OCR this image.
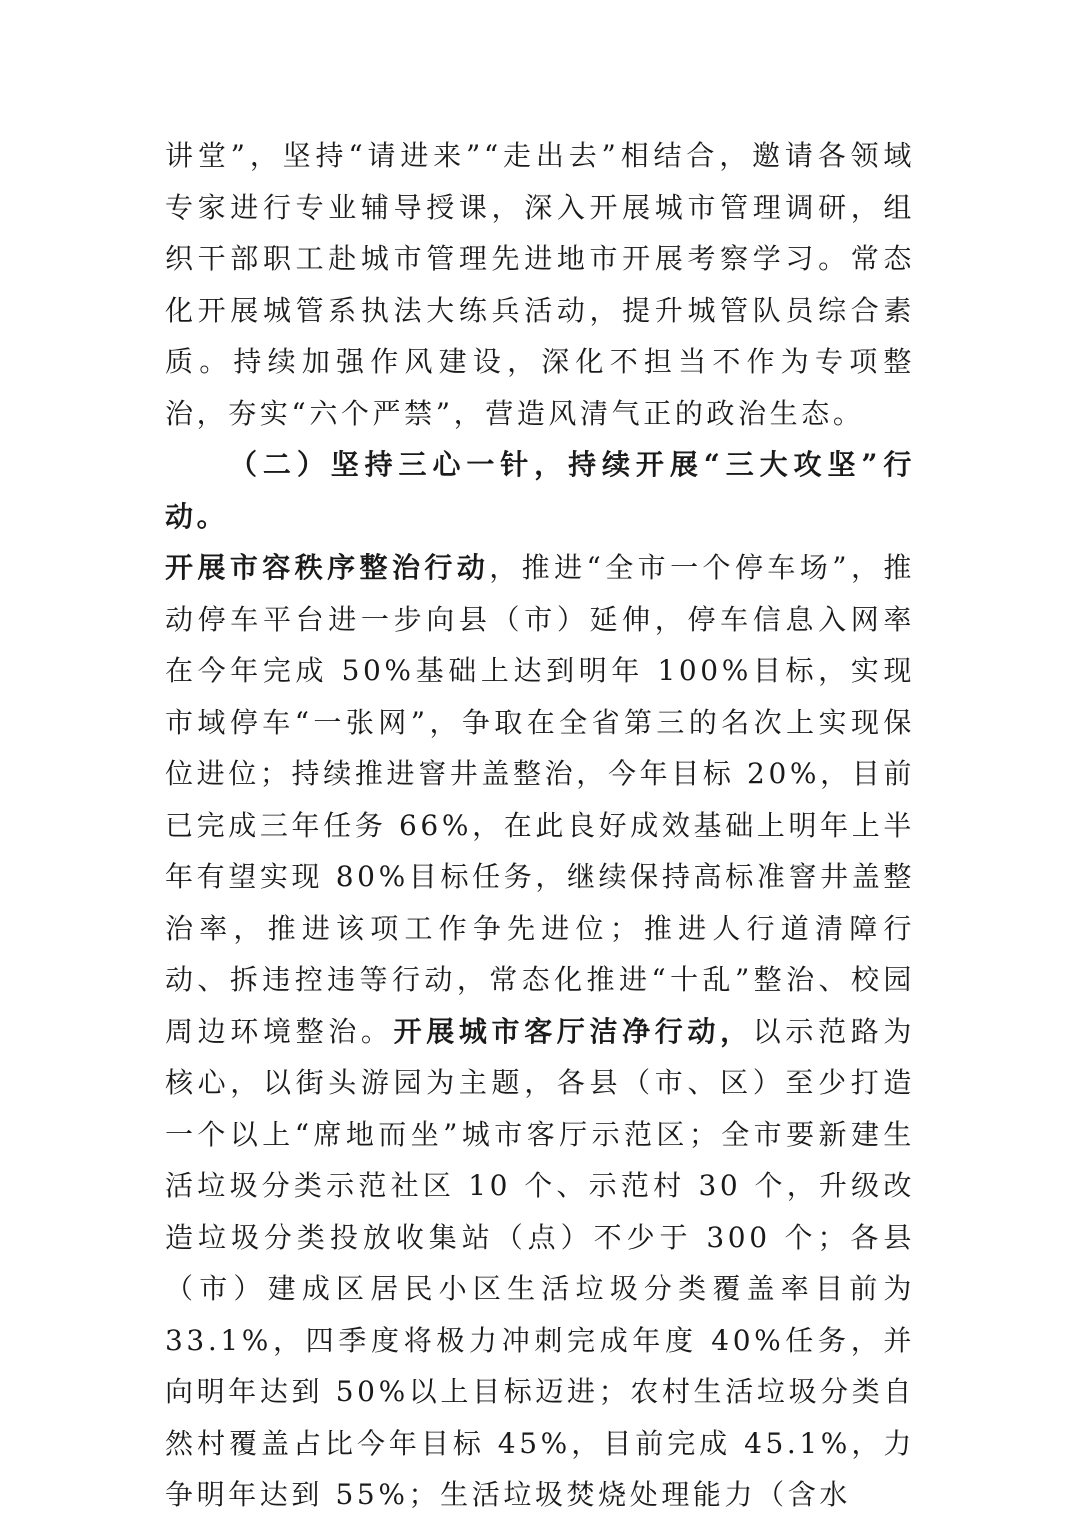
讲堂”，坚持“请进来”“走出去”相结合，邀请各领域专家进行专业辅导授课，深入开展城市管理调研，组织干部职工赴城市管理先进地市开展考察学习。常态化开展城管系执法大练兵活动，提升城管队员综合素质。持续加强作风建设，深化不担当不作为专项整治，夯实“六个严禁”，营造风清气正的政治生态。

（二）坚持三心一针，持续开展“三大攻坚”行动。

开展市容秩序整治行动，推进“全市一个停车场”，推动停车平台进一步向县（市）延伸，停车信息入网率在今年完成 50%基础上达到明年 100%目标，实现市域停车“一张网”，争取在全省第三的名次上实现保位进位；持续推进窨井盖整治，今年目标 20%，目前已完成三年任务 66%，在此良好成效基础上明年上半年有望实现 80%目标任务，继续保持高标准窨井盖整治率，推进该项工作争先进位；推进人行道清障行动、拆违控违等行动，常态化推进“十乱”整治、校园周边环境整治。开展城市客厅洁净行动，以示范路为核心，以街头游园为主题，各县（市、区）至少打造一个以上“席地而坐”城市客厅示范区；全市要新建生活垃圾分类示范社区 10 个、示范村 30 个，升级改造垃圾分类投放收集站（点）不少于 300 个；各县（市）建成区居民小区生活垃圾分类覆盖率目前为 33.1%，四季度将极力冲刺完成年度 40%任务，并向明年达到 50%以上目标迈进；农村生活垃圾分类自然村覆盖占比今年目标 45%，目前完成 45.1%，力争明年达到 55%；生活垃圾焚烧处理能力（含水
